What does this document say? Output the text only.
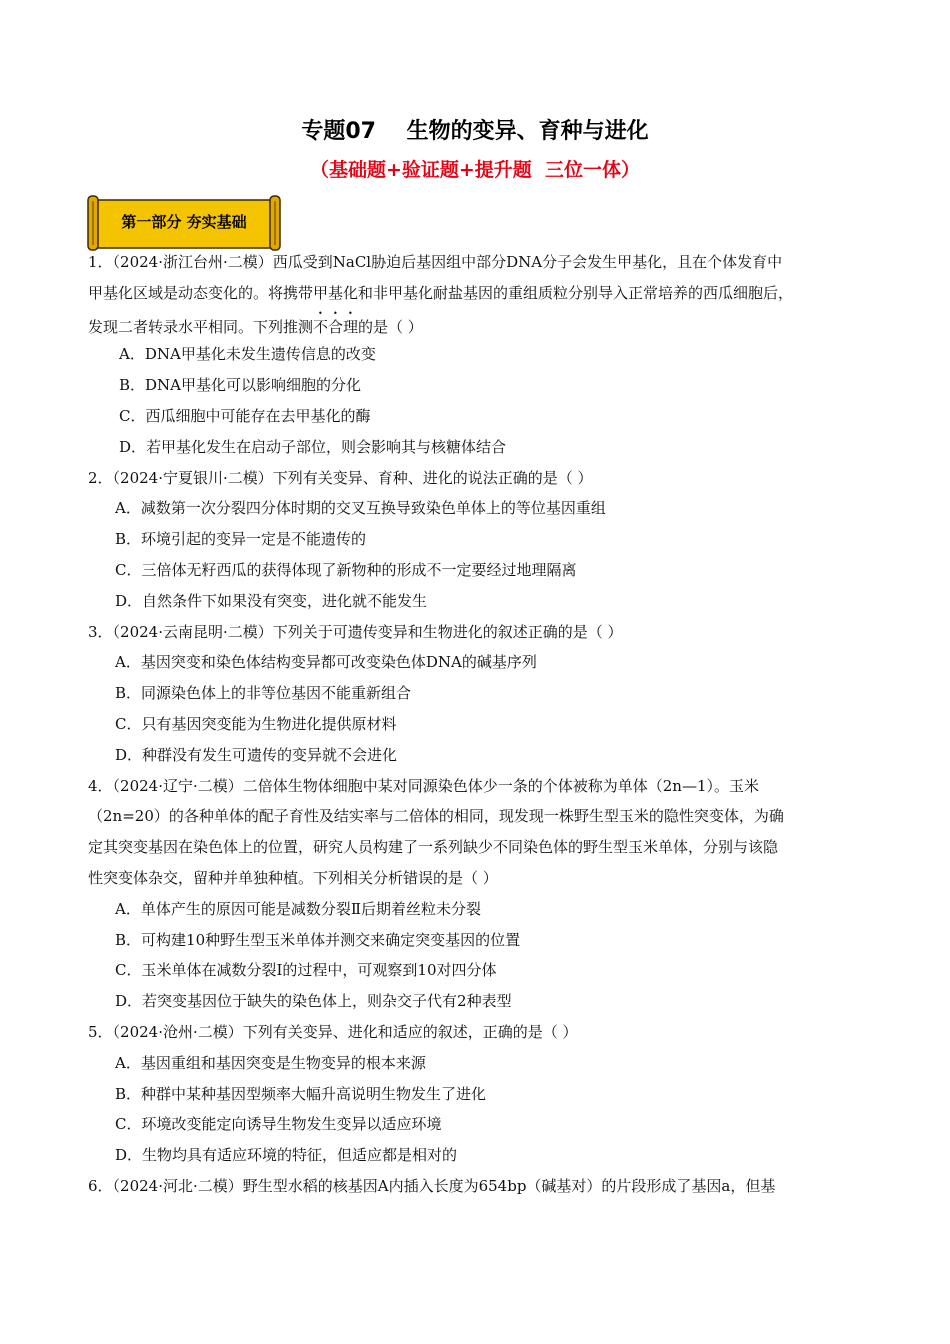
专题07    生物的变异、育种与进化
（基础题+验证题+提升题  三位一体）
第一部分 夯实基础
1．（2024·浙江台州·二模）西瓜受到NaCl胁迫后基因组中部分DNA分子会发生甲基化，且在个体发育中
甲基化区域是动态变化的。将携带甲基化和非甲基化耐盐基因的重组质粒分别导入正常培养的西瓜细胞后，
发现二者转录水平相同。下列推测不合理的是（ ）
A．DNA甲基化未发生遗传信息的改变
B．DNA甲基化可以影响细胞的分化
C．西瓜细胞中可能存在去甲基化的酶
D．若甲基化发生在启动子部位，则会影响其与核糖体结合
2．（2024·宁夏银川·二模）下列有关变异、育种、进化的说法正确的是（ ）
A．减数第一次分裂四分体时期的交叉互换导致染色单体上的等位基因重组
B．环境引起的变异一定是不能遗传的
C．三倍体无籽西瓜的获得体现了新物种的形成不一定要经过地理隔离
D．自然条件下如果没有突变，进化就不能发生
3．（2024·云南昆明·二模）下列关于可遗传变异和生物进化的叙述正确的是（ ）
A．基因突变和染色体结构变异都可改变染色体DNA的碱基序列
B．同源染色体上的非等位基因不能重新组合
C．只有基因突变能为生物进化提供原材料
D．种群没有发生可遗传的变异就不会进化
4．（2024·辽宁·二模）二倍体生物体细胞中某对同源染色体少一条的个体被称为单体（2n—1）。玉米
（2n=20）的各种单体的配子育性及结实率与二倍体的相同，现发现一株野生型玉米的隐性突变体，为确
定其突变基因在染色体上的位置，研究人员构建了一系列缺少不同染色体的野生型玉米单体，分别与该隐
性突变体杂交，留种并单独种植。下列相关分析错误的是（ ）
A．单体产生的原因可能是减数分裂Ⅱ后期着丝粒未分裂
B．可构建10种野生型玉米单体并测交来确定突变基因的位置
C．玉米单体在减数分裂Ⅰ的过程中，可观察到10对四分体
D．若突变基因位于缺失的染色体上，则杂交子代有2种表型
5．（2024·沧州·二模）下列有关变异、进化和适应的叙述，正确的是（ ）
A．基因重组和基因突变是生物变异的根本来源
B．种群中某种基因型频率大幅升高说明生物发生了进化
C．环境改变能定向诱导生物发生变异以适应环境
D．生物均具有适应环境的特征，但适应都是相对的
6．（2024·河北·二模）野生型水稻的核基因A内插入长度为654bp（碱基对）的片段形成了基因a，但基
